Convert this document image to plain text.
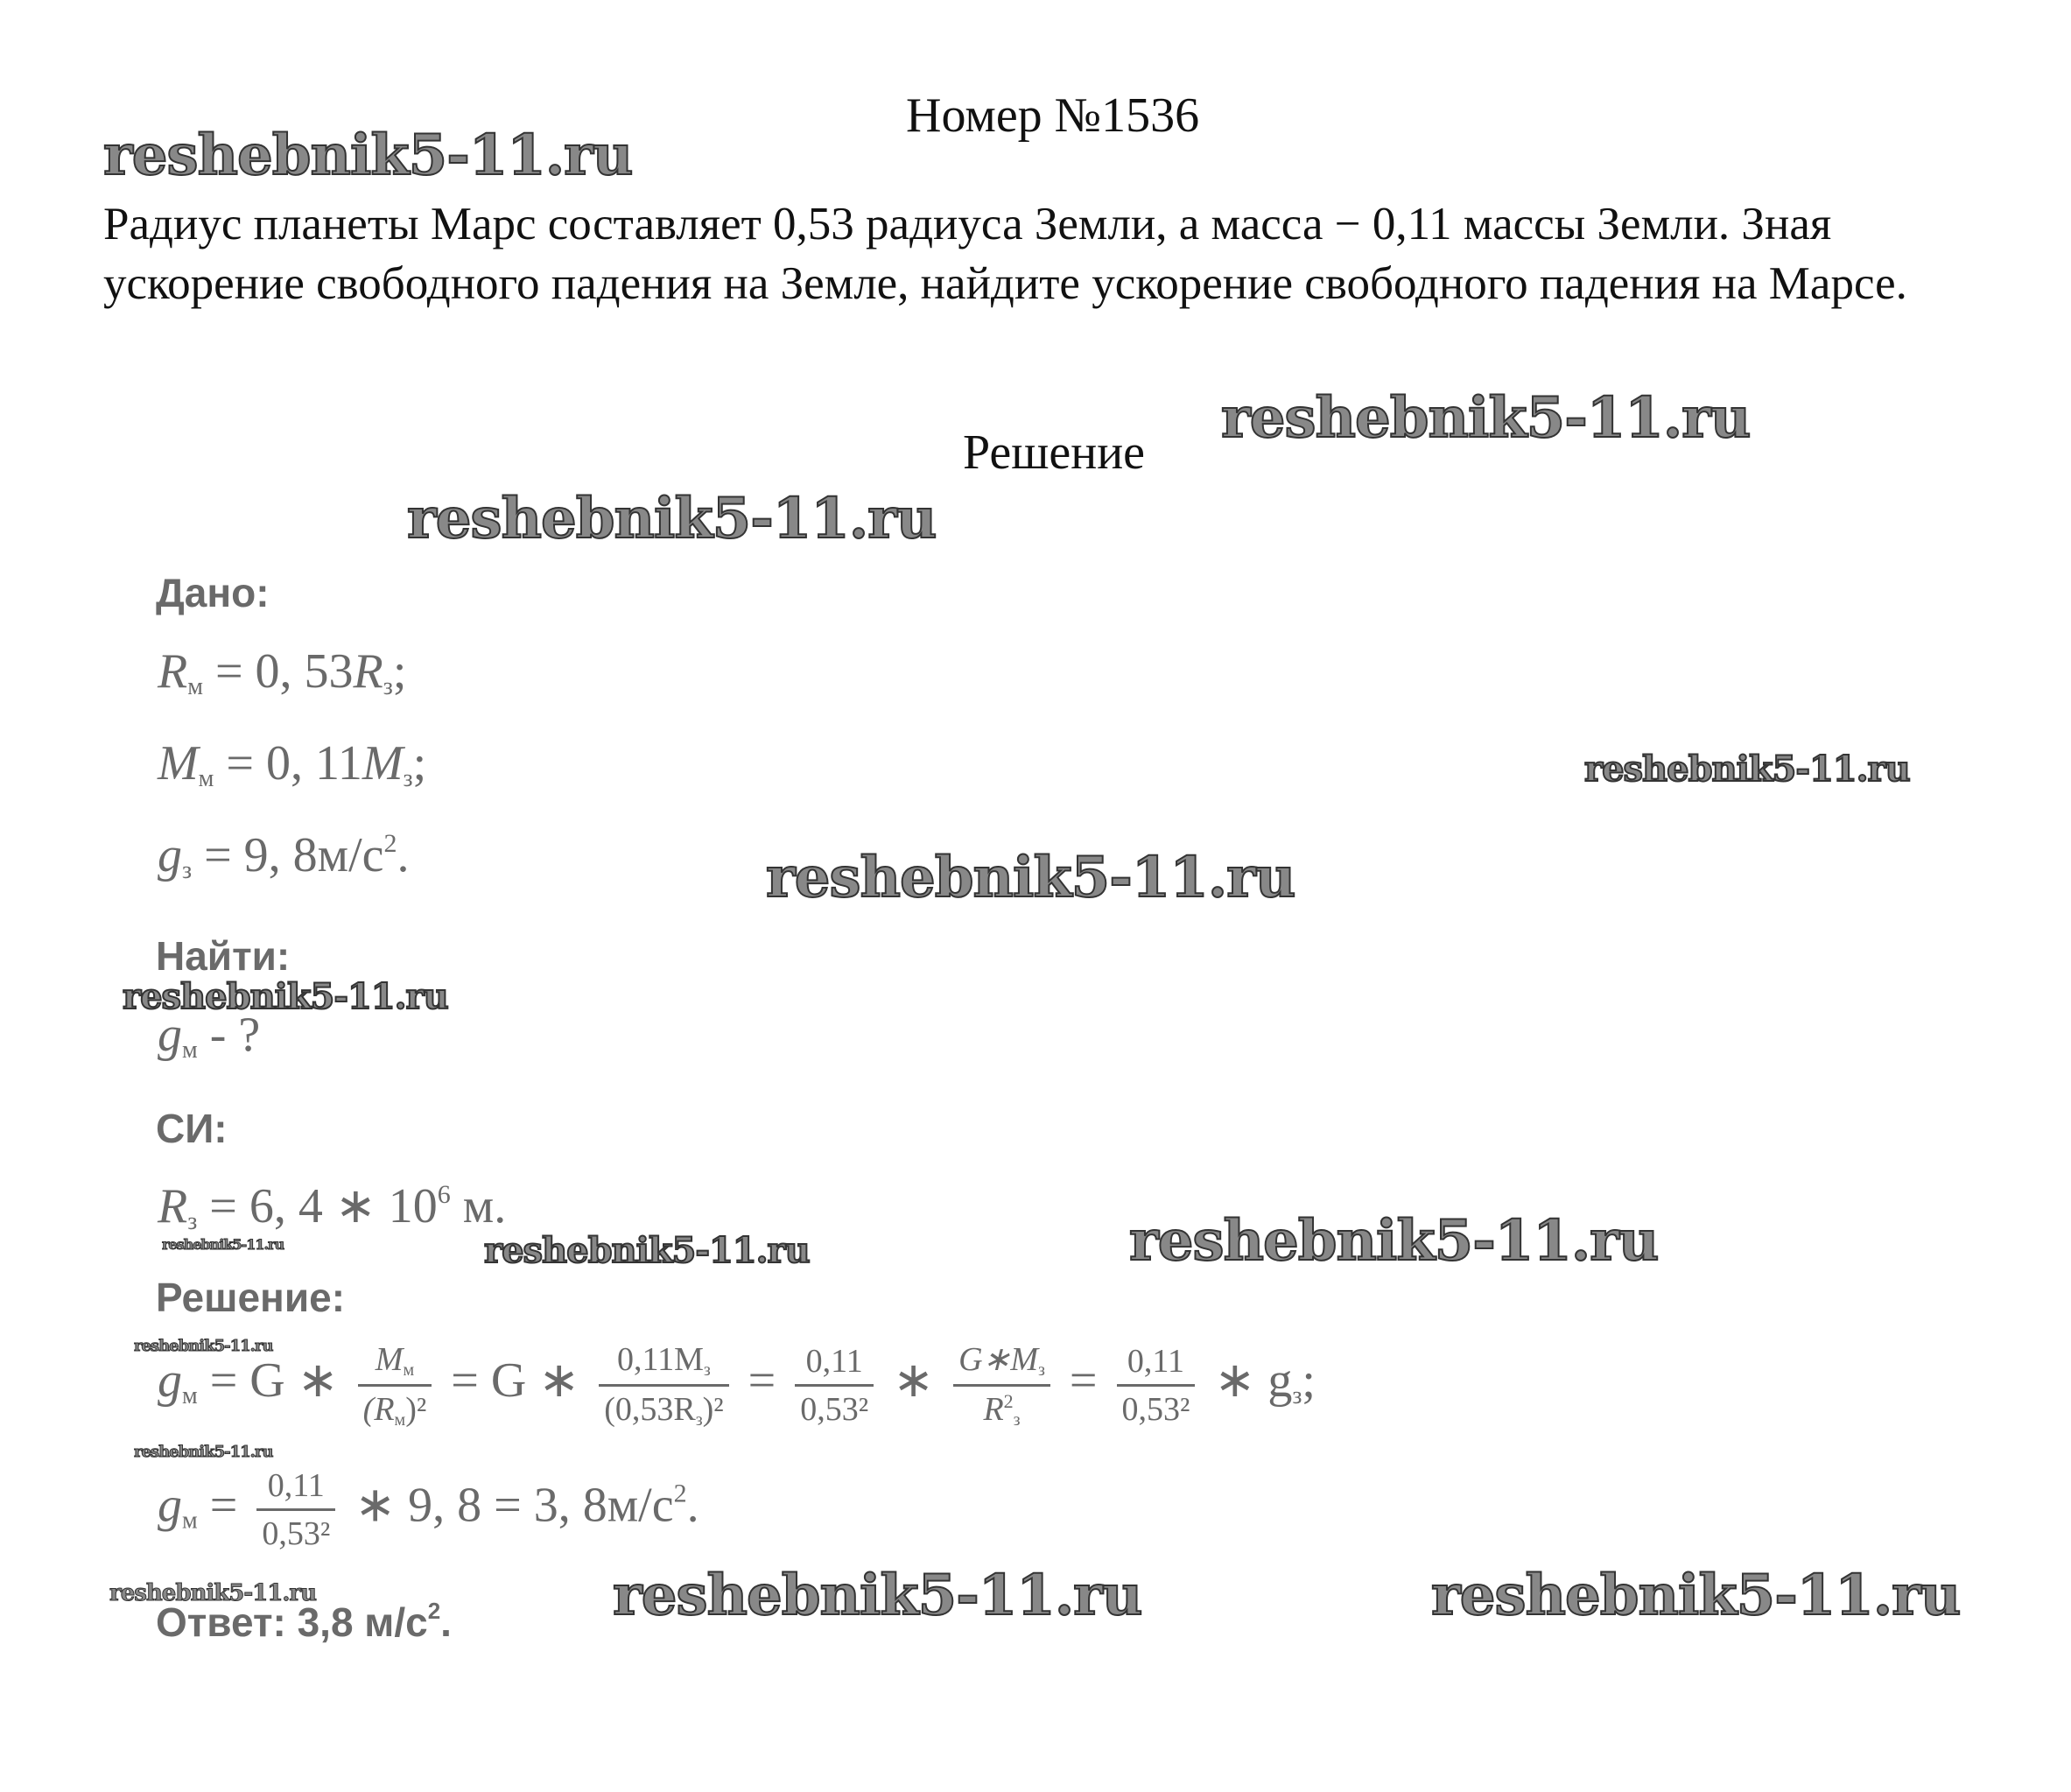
Номер №1536
Радиус планеты Марс составляет 0,53 радиуса Земли, а масса − 0,11 массы Земли. Зная ускорение свободного падения на Земле, найдите ускорение свободного падения на Марсе.
Решение
reshebnik5-11.ru
reshebnik5-11.ru
reshebnik5-11.ru
reshebnik5-11.ru
reshebnik5-11.ru
reshebnik5-11.ru
reshebnik5-11.ru	reshebnik5-11.ru	reshebnik5-11.ru
reshebnik5-11.ru
reshebnik5-11.ru
reshebnik5-11.ru	reshebnik5-11.ru	reshebnik5-11.ru
Дано:
$R_м = 0$, $53R_з$;
$M_м = 0$, $11M_з$;
$g_з = 9$, $8м/с^2$.
Найти:
$g_м$ - ?
СИ:
$R_з = 6$, 4 ∗ $10^6$ м.
Решение:
$g_м = G$ ∗ $\frac{M_м}{(R_м)^2} = G$ ∗ $\frac{0,11M_з}{(0,53R_з)^2} = \frac{0,11}{\text{0,53²}}$ ∗ $\frac{G∗M_з}{R^2_з} = \frac{0,11}{\text{0,53²}}$ ∗ $g_з$;
$g_м = \frac{0,11}{\text{0,53²}}$ ∗ 9, 8 = 3, $8м/с^2$.
Ответ: 3,8 $м/с^2$.
